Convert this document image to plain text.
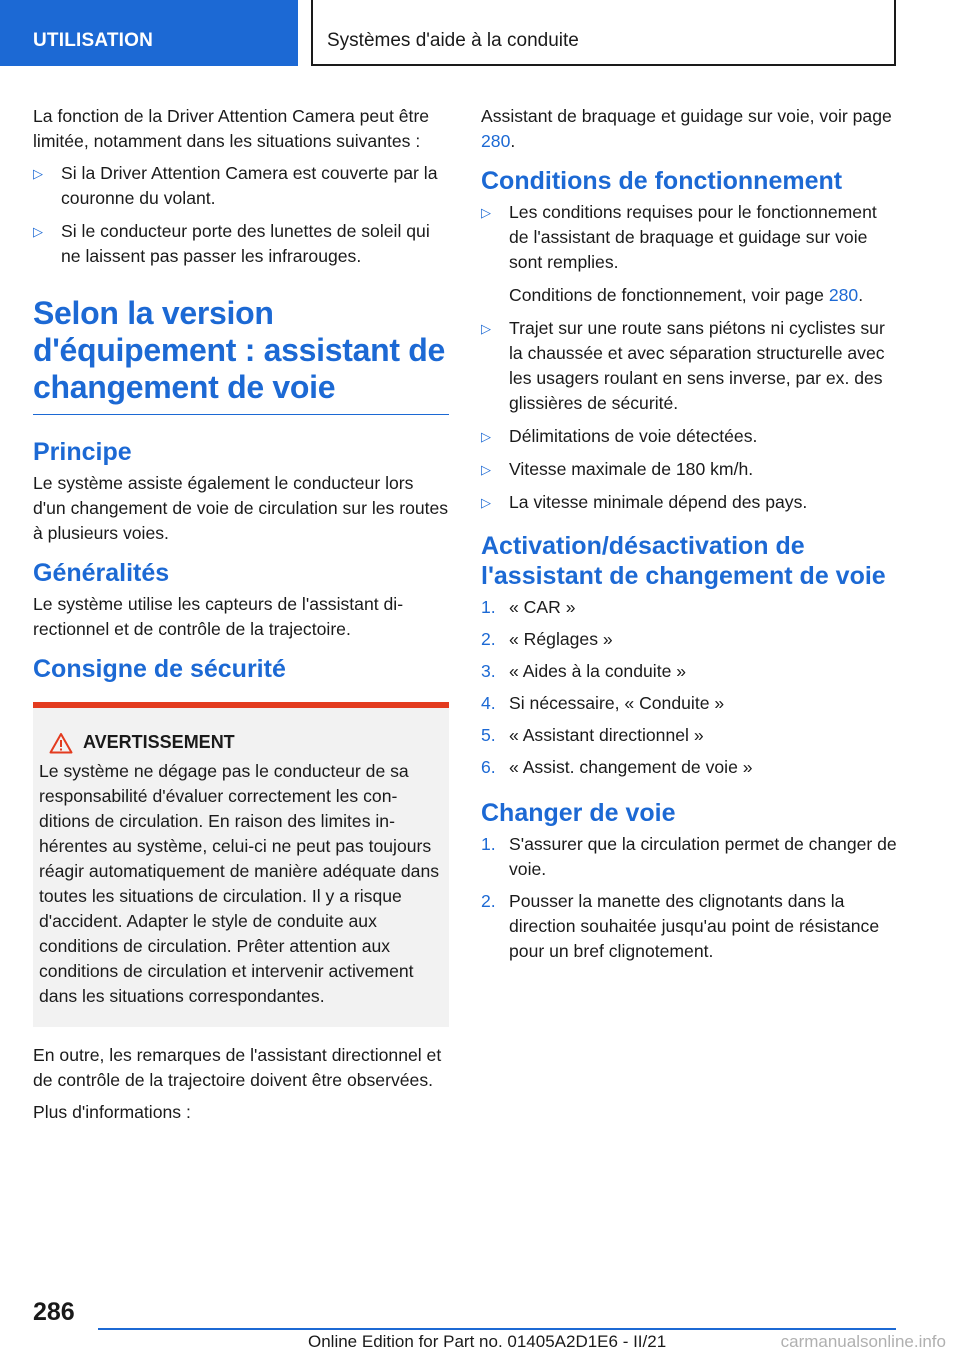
UTILISATION	Systèmes d'aide à la conduite

La fonction de la Driver Attention Camera peut être limitée, notamment dans les situations suivantes :

▷ Si la Driver Attention Camera est couverte par la couronne du volant.
▷ Si le conducteur porte des lunettes de soleil qui ne laissent pas passer les infrarouges.
Selon la version d'équipement : assistant de changement de voie
Principe

Le système assiste également le conducteur lors d'un changement de voie de circulation sur les routes à plusieurs voies.

Généralités

Le système utilise les capteurs de l'assistant directionnel et de contrôle de la trajectoire.

Consigne de sécurité
AVERTISSEMENT
Le système ne dégage pas le conducteur de sa responsabilité d'évaluer correctement les conditions de circulation. En raison des limites inhérentes au système, celui-ci ne peut pas toujours réagir automatiquement de manière adéquate dans toutes les situations de circulation. Il y a risque d'accident. Adapter le style de conduite aux conditions de circulation. Prêter attention aux conditions de circulation et intervenir activement dans les situations correspondantes.

En outre, les remarques de l'assistant directionnel et de contrôle de la trajectoire doivent être observées.

Plus d'informations :

Assistant de braquage et guidage sur voie, voir page 280.

Conditions de fonctionnement
▷ Les conditions requises pour le fonctionnement de l'assistant de braquage et guidage sur voie sont remplies.
Conditions de fonctionnement, voir page 280.
▷ Trajet sur une route sans piétons ni cyclistes sur la chaussée et avec séparation structurelle avec les usagers roulant en sens inverse, par ex. des glissières de sécurité.
▷ Délimitations de voie détectées.
▷ Vitesse maximale de 180 km/h.
▷ La vitesse minimale dépend des pays.
Activation/désactivation de l'assistant de changement de voie
1. « CAR »
2. « Réglages »
3. « Aides à la conduite »
4. Si nécessaire, « Conduite »
5. « Assistant directionnel »
6. « Assist. changement de voie »
Changer de voie
1. S'assurer que la circulation permet de changer de voie.
2. Pousser la manette des clignotants dans la direction souhaitée jusqu'au point de résistance pour un bref clignotement.
286
Online Edition for Part no. 01405A2D1E6 - II/21	carmanualsonline.info
